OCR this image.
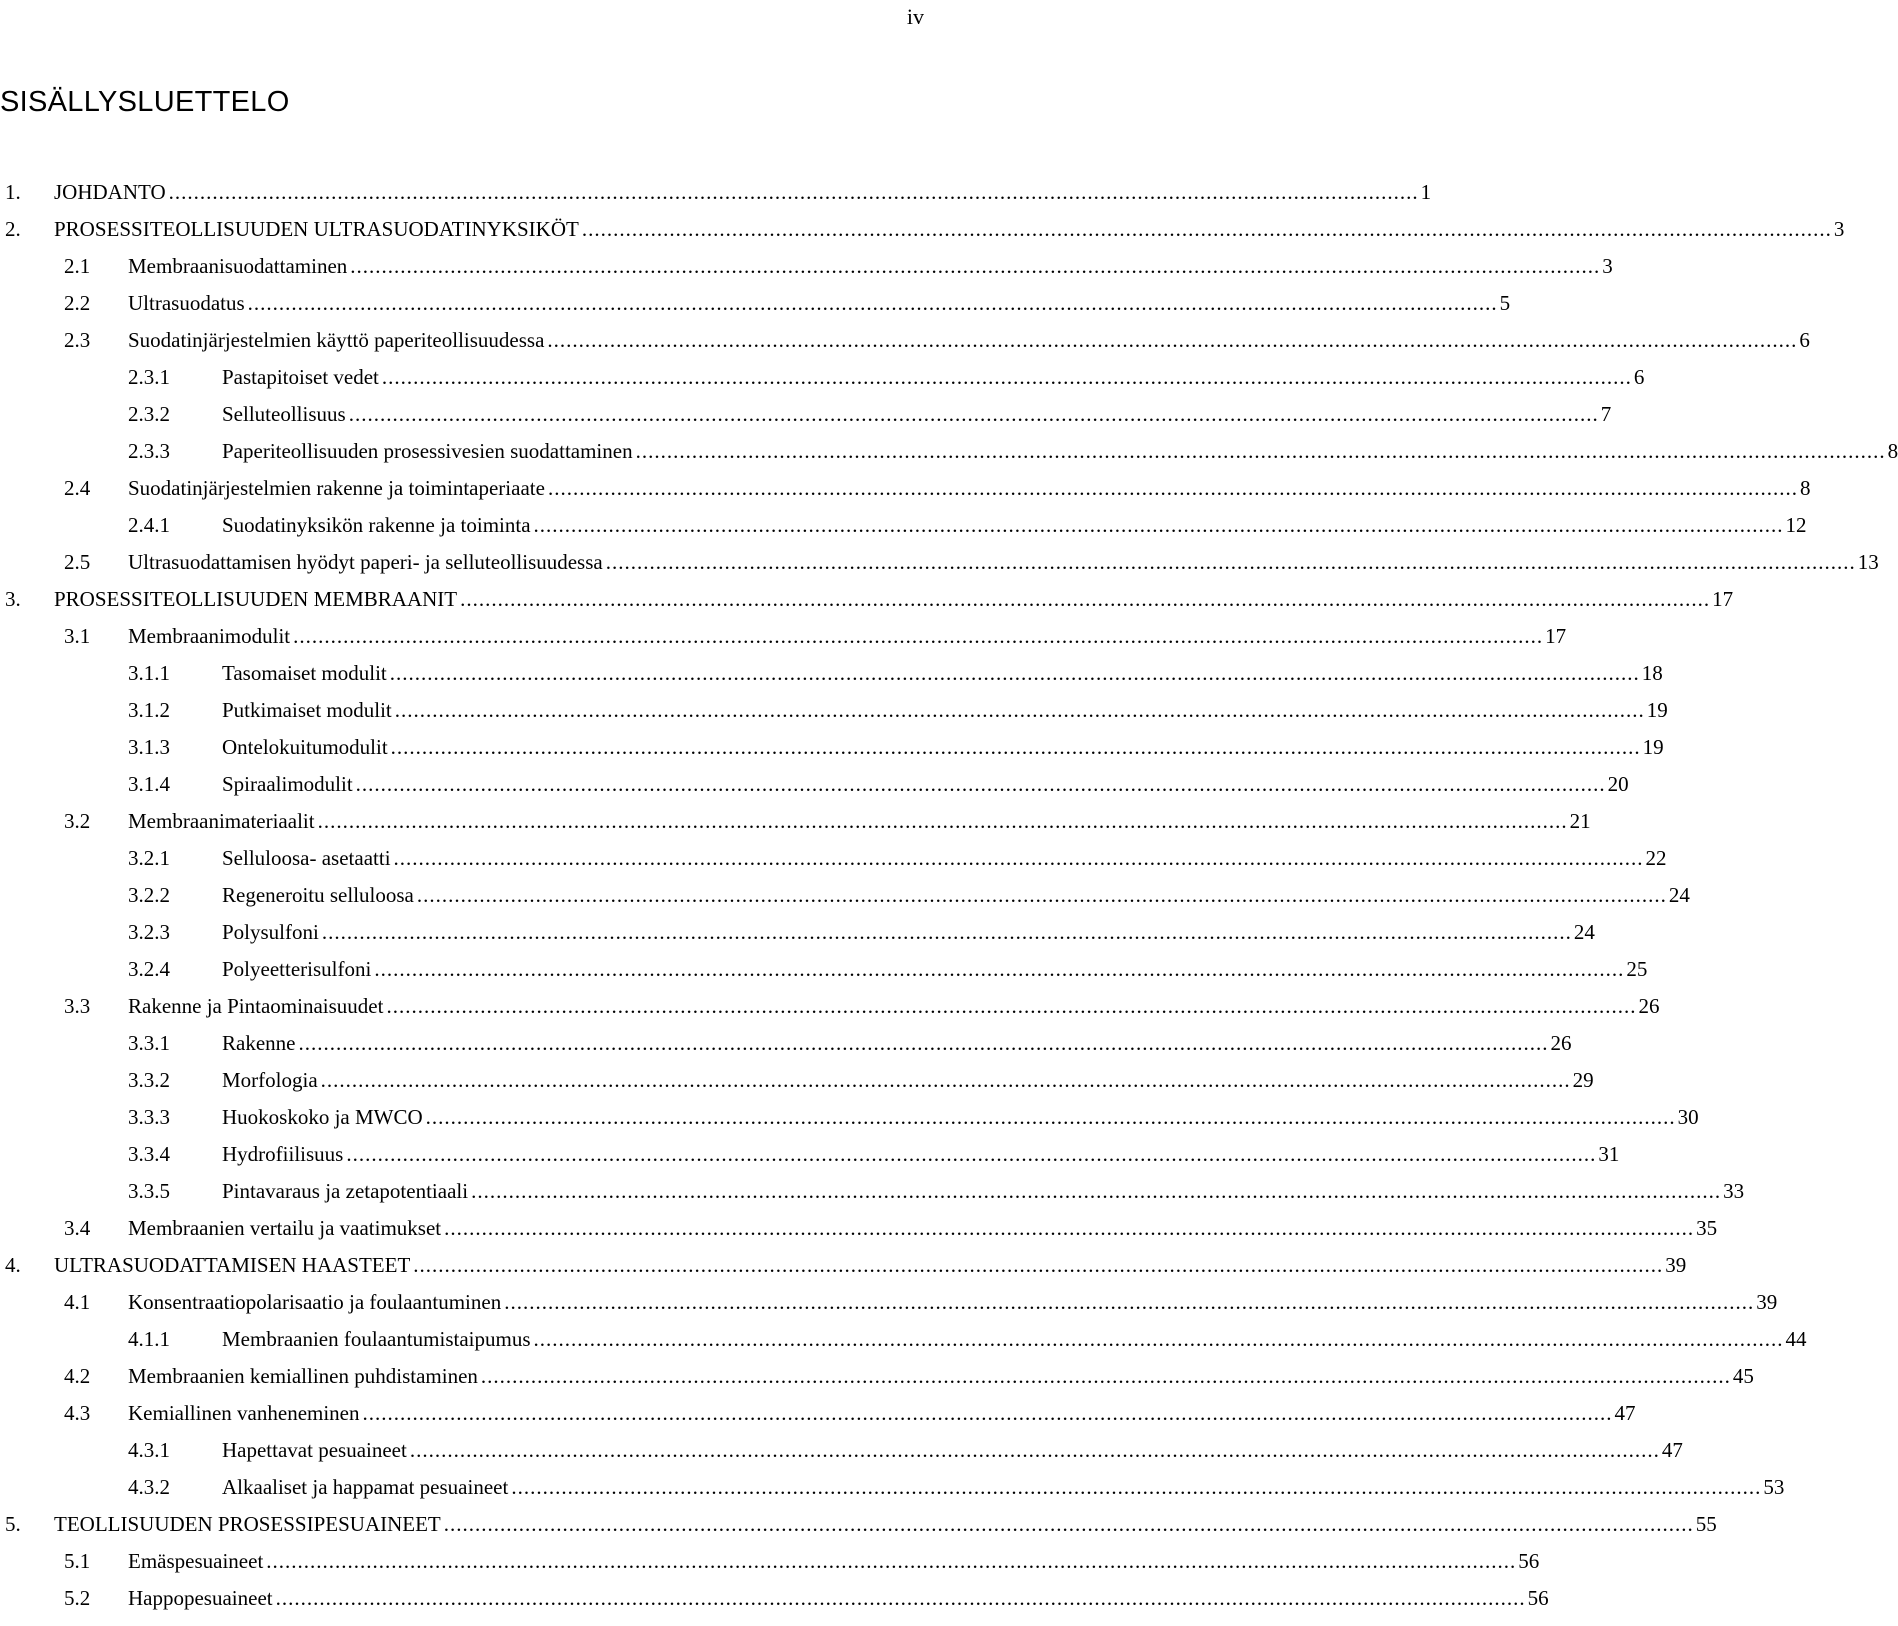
iv
SISÄLLYSLUETTELO
1. JOHDANTO ........................................................................................................................................................................................................ 1
2. PROSESSITEOLLISUUDEN ULTRASUODATINYKSIKÖT ........................................................................................................................................................................................................ 3
2.1 Membraanisuodattaminen ........................................................................................................................................................................................................ 3
2.2 Ultrasuodatus ........................................................................................................................................................................................................ 5
2.3 Suodatinjärjestelmien käyttö paperiteollisuudessa ........................................................................................................................................................................................................ 6
2.3.1 Pastapitoiset vedet ........................................................................................................................................................................................................ 6
2.3.2 Selluteollisuus ........................................................................................................................................................................................................ 7
2.3.3 Paperiteollisuuden prosessivesien suodattaminen ........................................................................................................................................................................................................ 8
2.4 Suodatinjärjestelmien rakenne ja toimintaperiaate ........................................................................................................................................................................................................ 8
2.4.1 Suodatinyksikön rakenne ja toiminta ........................................................................................................................................................................................................ 12
2.5 Ultrasuodattamisen hyödyt paperi- ja selluteollisuudessa ........................................................................................................................................................................................................ 13
3. PROSESSITEOLLISUUDEN MEMBRAANIT ........................................................................................................................................................................................................ 17
3.1 Membraanimodulit ........................................................................................................................................................................................................ 17
3.1.1 Tasomaiset modulit ........................................................................................................................................................................................................ 18
3.1.2 Putkimaiset modulit ........................................................................................................................................................................................................ 19
3.1.3 Ontelokuitumodulit ........................................................................................................................................................................................................ 19
3.1.4 Spiraalimodulit ........................................................................................................................................................................................................ 20
3.2 Membraanimateriaalit ........................................................................................................................................................................................................ 21
3.2.1 Selluloosa- asetaatti ........................................................................................................................................................................................................ 22
3.2.2 Regeneroitu selluloosa ........................................................................................................................................................................................................ 24
3.2.3 Polysulfoni ........................................................................................................................................................................................................ 24
3.2.4 Polyeetterisulfoni ........................................................................................................................................................................................................ 25
3.3 Rakenne ja Pintaominaisuudet ........................................................................................................................................................................................................ 26
3.3.1 Rakenne ........................................................................................................................................................................................................ 26
3.3.2 Morfologia ........................................................................................................................................................................................................ 29
3.3.3 Huokoskoko ja MWCO ........................................................................................................................................................................................................ 30
3.3.4 Hydrofiilisuus ........................................................................................................................................................................................................ 31
3.3.5 Pintavaraus ja zetapotentiaali ........................................................................................................................................................................................................ 33
3.4 Membraanien vertailu ja vaatimukset ........................................................................................................................................................................................................ 35
4. ULTRASUODATTAMISEN HAASTEET ........................................................................................................................................................................................................ 39
4.1 Konsentraatiopolarisaatio ja foulaantuminen ........................................................................................................................................................................................................ 39
4.1.1 Membraanien foulaantumistaipumus ........................................................................................................................................................................................................ 44
4.2 Membraanien kemiallinen puhdistaminen ........................................................................................................................................................................................................ 45
4.3 Kemiallinen vanheneminen ........................................................................................................................................................................................................ 47
4.3.1 Hapettavat pesuaineet ........................................................................................................................................................................................................ 47
4.3.2 Alkaaliset ja happamat pesuaineet ........................................................................................................................................................................................................ 53
5. TEOLLISUUDEN PROSESSIPESUAINEET ........................................................................................................................................................................................................ 55
5.1 Emäspesuaineet ........................................................................................................................................................................................................ 56
5.2 Happopesuaineet ........................................................................................................................................................................................................ 56
